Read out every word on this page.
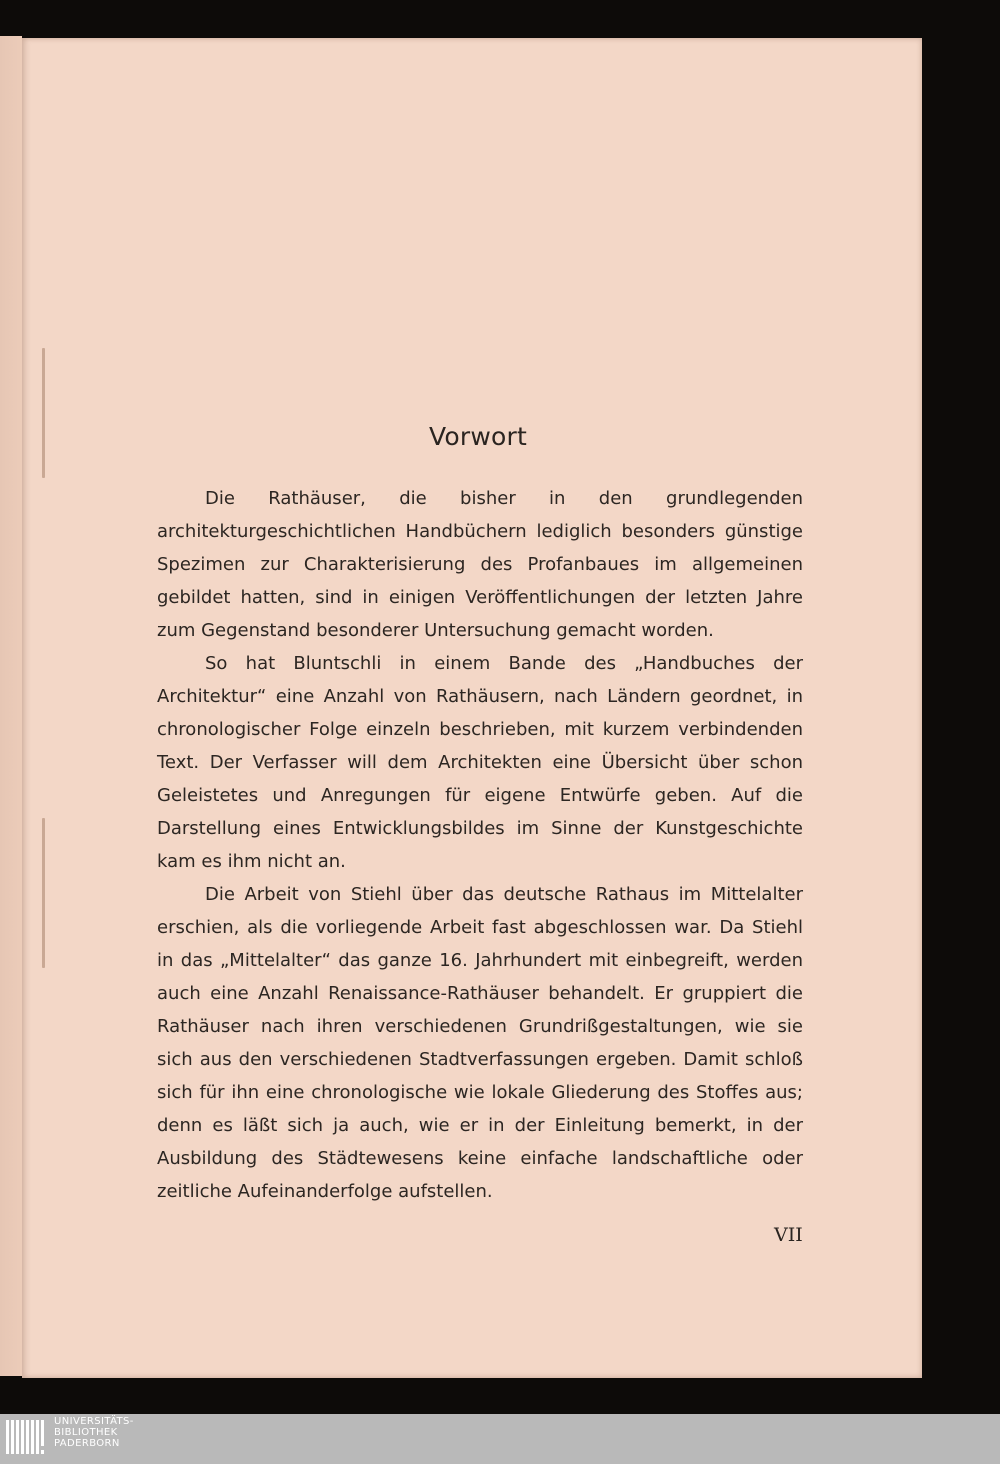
Vorwort

Die Rathäuser, die bisher in den grundlegenden architekturgeschichtlichen Handbüchern lediglich besonders günstige Spezimen zur Charakterisierung des Profanbaues im allgemeinen gebildet hatten, sind in einigen Veröffentlichungen der letzten Jahre zum Gegenstand besonderer Untersuchung gemacht worden.

So hat Bluntschli in einem Bande des „Handbuches der Architektur“ eine Anzahl von Rathäusern, nach Ländern geordnet, in chronologischer Folge einzeln beschrieben, mit kurzem verbindenden Text. Der Verfasser will dem Architekten eine Übersicht über schon Geleistetes und Anregungen für eigene Entwürfe geben. Auf die Darstellung eines Entwicklungsbildes im Sinne der Kunstgeschichte kam es ihm nicht an.

Die Arbeit von Stiehl über das deutsche Rathaus im Mittelalter erschien, als die vorliegende Arbeit fast abgeschlossen war. Da Stiehl in das „Mittelalter“ das ganze 16. Jahrhundert mit einbegreift, werden auch eine Anzahl Renaissance-Rathäuser behandelt. Er gruppiert die Rathäuser nach ihren verschiedenen Grundrißgestaltungen, wie sie sich aus den verschiedenen Stadtverfassungen ergeben. Damit schloß sich für ihn eine chronologische wie lokale Gliederung des Stoffes aus; denn es läßt sich ja auch, wie er in der Einleitung bemerkt, in der Ausbildung des Städtewesens keine einfache landschaftliche oder zeitliche Aufeinanderfolge aufstellen.

VII
UNIVERSITÄTS-
BIBLIOTHEK
PADERBORN
